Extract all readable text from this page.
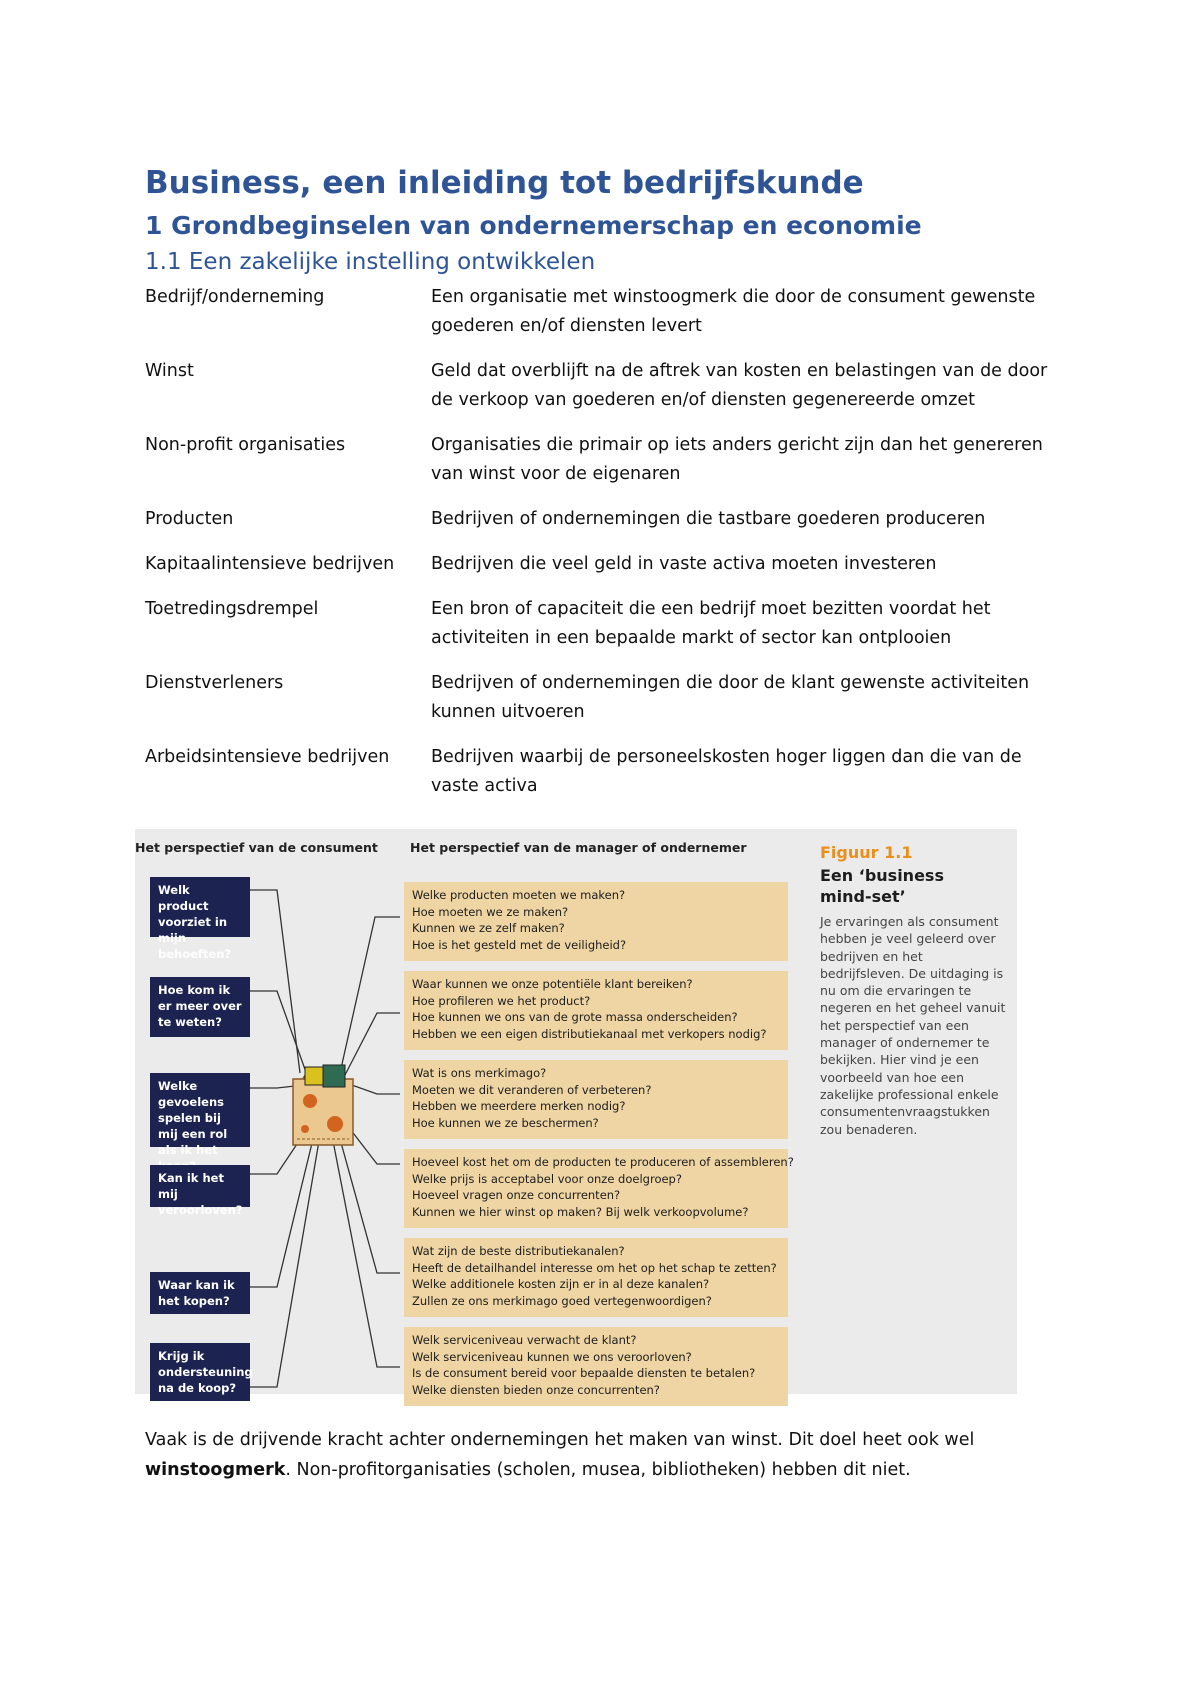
Business, een inleiding tot bedrijfskunde
1 Grondbeginselen van ondernemerschap en economie
1.1 Een zakelijke instelling ontwikkelen
Bedrijf/onderneming	Een organisatie met winstoogmerk die door de consument gewenste goederen en/of diensten levert
Winst	Geld dat overblijft na de aftrek van kosten en belastingen van de door de verkoop van goederen en/of diensten gegenereerde omzet
Non-profit organisaties	Organisaties die primair op iets anders gericht zijn dan het genereren van winst voor de eigenaren
Producten	Bedrijven of ondernemingen die tastbare goederen produceren
Kapitaalintensieve bedrijven	Bedrijven die veel geld in vaste activa moeten investeren
Toetredingsdrempel	Een bron of capaciteit die een bedrijf moet bezitten voordat het activiteiten in een bepaalde markt of sector kan ontplooien
Dienstverleners	Bedrijven of ondernemingen die door de klant gewenste activiteiten kunnen uitvoeren
Arbeidsintensieve bedrijven	Bedrijven waarbij de personeelskosten hoger liggen dan die van de vaste activa
Het perspectief van de consument	Het perspectief van de manager of ondernemer
Welk product voorziet in mijn behoeften?
Hoe kom ik er meer over te weten?
Welke gevoelens spelen bij mij een rol als ik het
Kan ik het mij veroorloven?
Waar kan ik het kopen?
Krijg ik ondersteuning na de koop?
Welke producten moeten we maken?
Hoe moeten we ze maken?
Kunnen we ze zelf maken?
Hoe is het gesteld met de veiligheid?
Waar kunnen we onze potentiële klant bereiken?
Hoe profileren we het product?
Hoe kunnen we ons van de grote massa onderscheiden?
Hebben we een eigen distributiekanaal met verkopers nodig?
Wat is ons merkimago?
Moeten we dit veranderen of verbeteren?
Hebben we meerdere merken nodig?
Hoe kunnen we ze beschermen?
Hoeveel kost het om de producten te produceren of assembleren?
Welke prijs is acceptabel voor onze doelgroep?
Hoeveel vragen onze concurrenten?
Kunnen we hier winst op maken? Bij welk verkoopvolume?
Wat zijn de beste distributiekanalen?
Heeft de detailhandel interesse om het op het schap te zetten?
Welke additionele kosten zijn er in al deze kanalen?
Zullen ze ons merkimago goed vertegenwoordigen?
Welk serviceniveau verwacht de klant?
Welk serviceniveau kunnen we ons veroorloven?
Is de consument bereid voor bepaalde diensten te betalen?
Welke diensten bieden onze concurrenten?
Figuur 1.1
Een ‘business mind-set’
Je ervaringen als consument hebben je veel geleerd over bedrijven en het bedrijfsleven. De uitdaging is nu om die ervaringen te negeren en het geheel vanuit het perspectief van een manager of ondernemer te bekijken. Hier vind je een voorbeeld van hoe een zakelijke professional enkele consumentenvraagstukken zou benaderen.
Vaak is de drijvende kracht achter ondernemingen het maken van winst. Dit doel heet ook wel winstoogmerk. Non-profitorganisaties (scholen, musea, bibliotheken) hebben dit niet.
